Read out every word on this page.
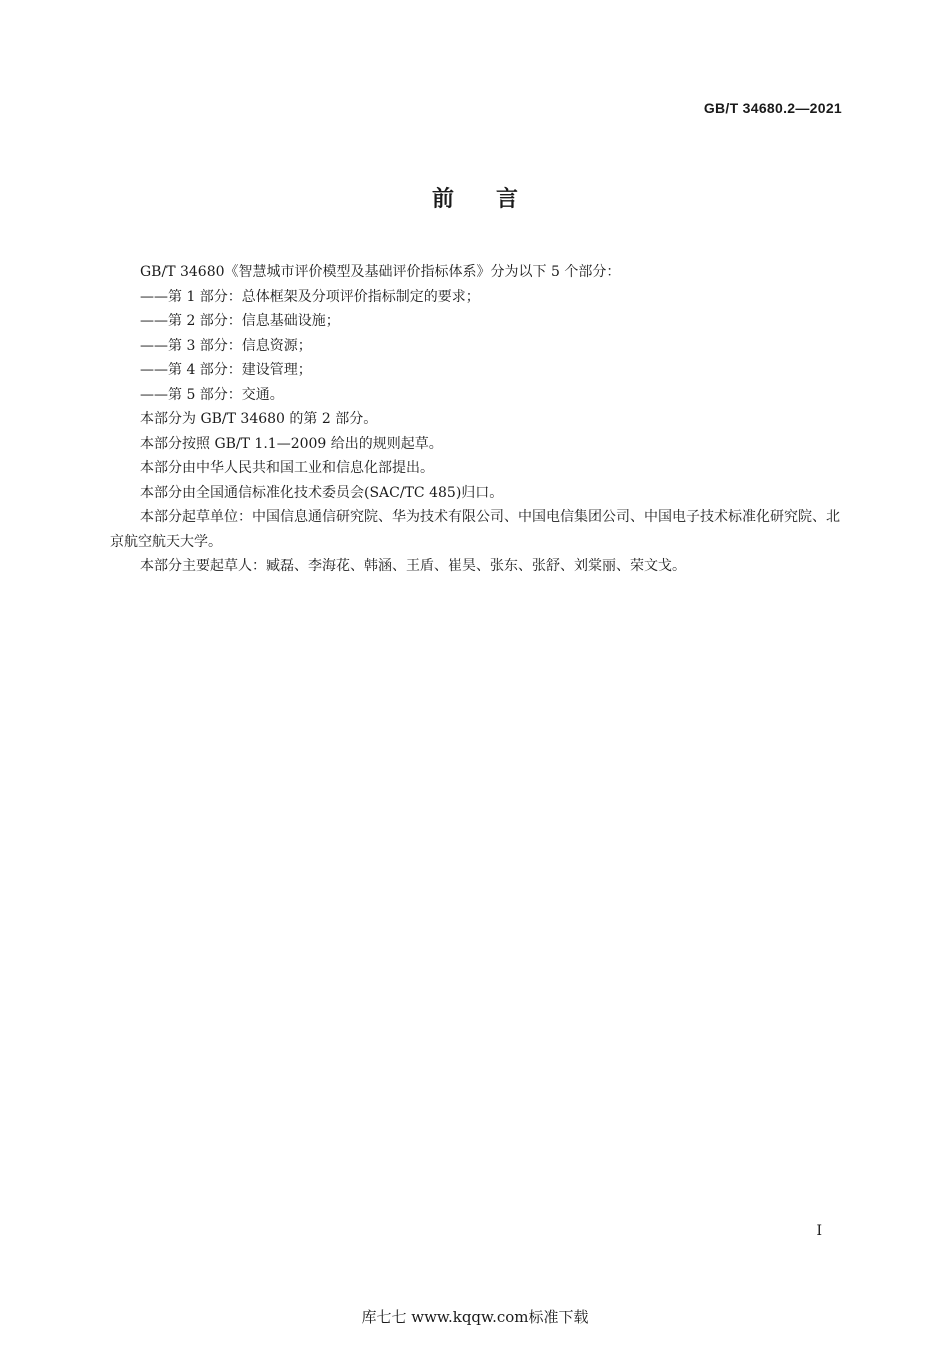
GB/T 34680.2—2021
前言

GB/T 34680《智慧城市评价模型及基础评价指标体系》分为以下 5 个部分：

——第 1 部分：总体框架及分项评价指标制定的要求；

——第 2 部分：信息基础设施；

——第 3 部分：信息资源；

——第 4 部分：建设管理；

——第 5 部分：交通。

本部分为 GB/T 34680 的第 2 部分。

本部分按照 GB/T 1.1—2009 给出的规则起草。

本部分由中华人民共和国工业和信息化部提出。

本部分由全国通信标准化技术委员会(SAC/TC 485)归口。

本部分起草单位：中国信息通信研究院、华为技术有限公司、中国电信集团公司、中国电子技术标准化研究院、北京航空航天大学。

本部分主要起草人：臧磊、李海花、韩涵、王盾、崔昊、张东、张舒、刘棠丽、荣文戈。

I
库七七 www.kqqw.com标准下载
